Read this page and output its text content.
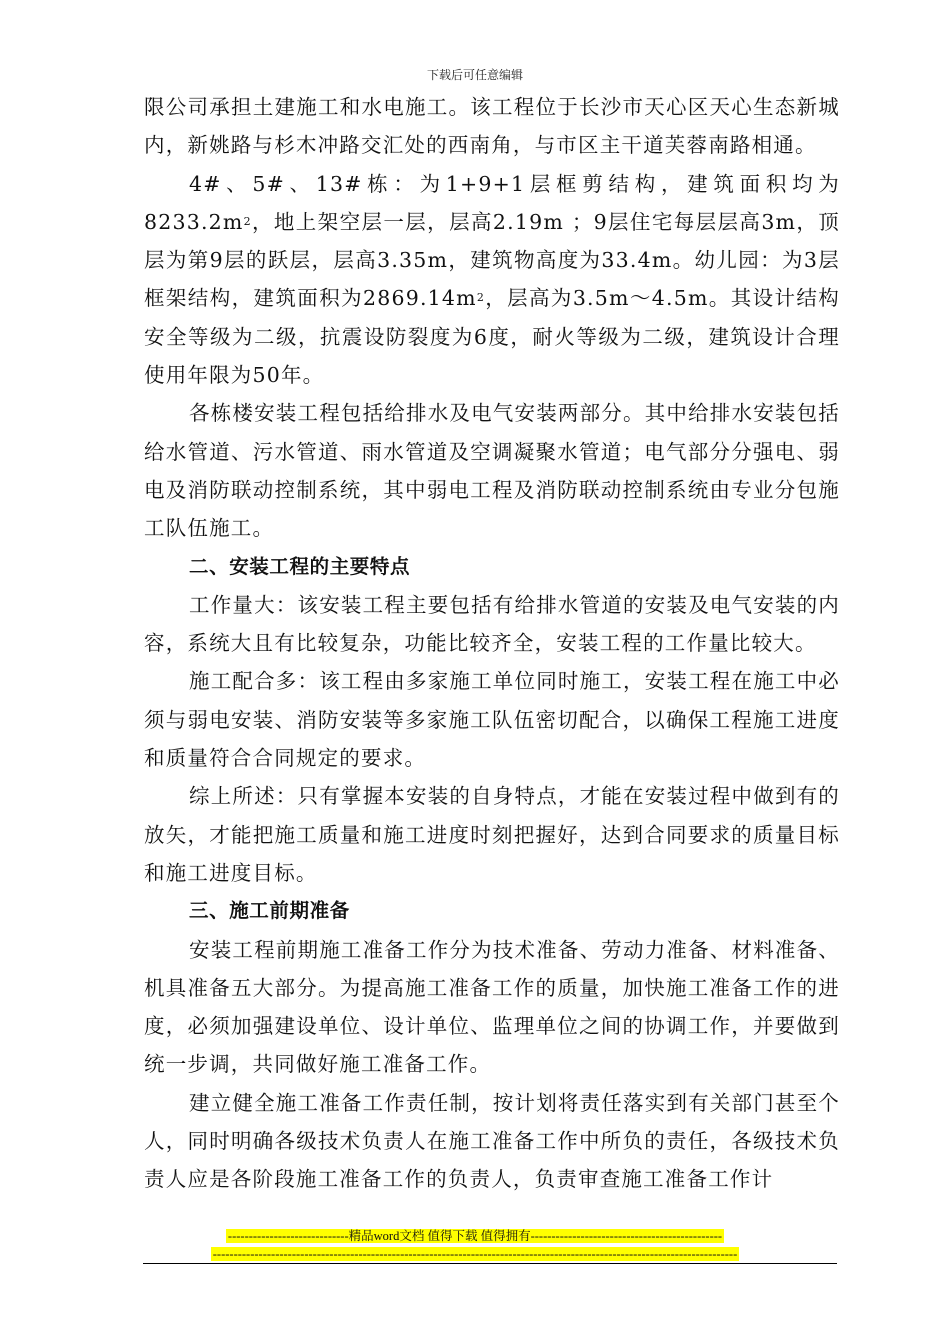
下载后可任意编辑

限公司承担土建施工和水电施工。该工程位于长沙市天心区天心生态新城内，新姚路与杉木冲路交汇处的西南角，与市区主干道芙蓉南路相通。

4#、5#、13#栋：为1+9+1层框剪结构，建筑面积均为$8233.2m^2$，地上架空层一层，层高2.19m ；9层住宅每层层高3m，顶层为第9层的跃层，层高3.35m，建筑物高度为33.4m。幼儿园：为3层框架结构，建筑面积为$2869.14m^2$，层高为3.5m～4.5m。其设计结构安全等级为二级，抗震设防裂度为6度，耐火等级为二级，建筑设计合理使用年限为50年。

各栋楼安装工程包括给排水及电气安装两部分。其中给排水安装包括给水管道、污水管道、雨水管道及空调凝聚水管道；电气部分分强电、弱电及消防联动控制系统，其中弱电工程及消防联动控制系统由专业分包施工队伍施工。

二、安装工程的主要特点

工作量大：该安装工程主要包括有给排水管道的安装及电气安装的内容，系统大且有比较复杂，功能比较齐全，安装工程的工作量比较大。

施工配合多：该工程由多家施工单位同时施工，安装工程在施工中必须与弱电安装、消防安装等多家施工队伍密切配合，以确保工程施工进度和质量符合合同规定的要求。

综上所述：只有掌握本安装的自身特点，才能在安装过程中做到有的放矢，才能把施工质量和施工进度时刻把握好，达到合同要求的质量目标和施工进度目标。

三、施工前期准备

安装工程前期施工准备工作分为技术准备、劳动力准备、材料准备、机具准备五大部分。为提高施工准备工作的质量，加快施工准备工作的进度，必须加强建设单位、设计单位、监理单位之间的协调工作，并要做到统一步调，共同做好施工准备工作。

建立健全施工准备工作责任制，按计划将责任落实到有关部门甚至个人，同时明确各级技术负责人在施工准备工作中所负的责任，各级技术负责人应是各阶段施工准备工作的负责人，负责审查施工准备工作计

-----------------------------精品word文档 值得下载 值得拥有----------------------------------------------
------------------------------------------------------------------------------------------------------------------------------
